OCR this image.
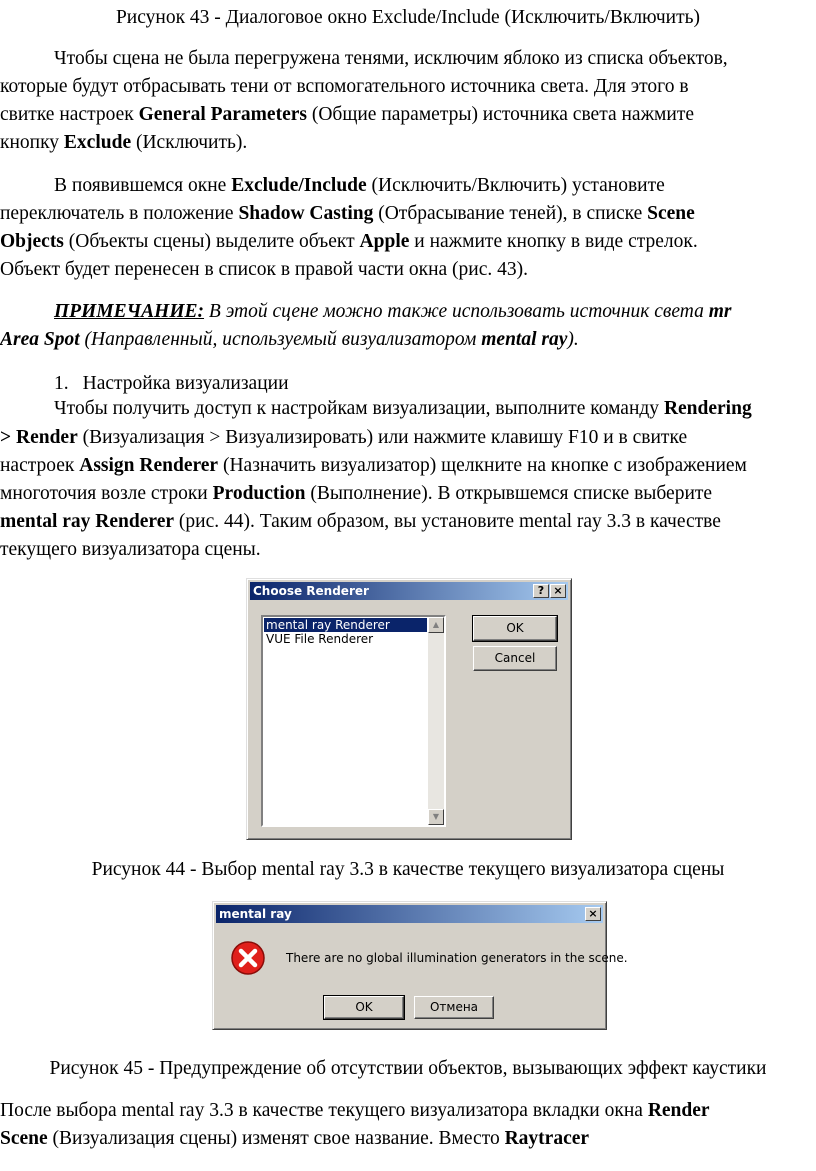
Рисунок 43 - Диалоговое окно Exclude/Include (Исключить/Включить)
Чтобы сцена не была перегружена тенями, исключим яблоко из списка объектов,
которые будут отбрасывать тени от вспомогательного источника света. Для этого в
свитке настроек General Parameters (Общие параметры) источника света нажмите
кнопку Exclude (Исключить).
В появившемся окне Exclude/Include (Исключить/Включить) установите
переключатель в положение Shadow Casting (Отбрасывание теней), в списке Scene
Objects (Объекты сцены) выделите объект Apple и нажмите кнопку в виде стрелок.
Объект будет перенесен в список в правой части окна (рис. 43).
ПРИМЕЧАНИЕ: В этой сцене можно также использовать источник света mr
Area Spot (Направленный, используемый визуализатором mental ray).
1. Настройка визуализации
Чтобы получить доступ к настройкам визуализации, выполните команду Rendering
> Render (Визуализация > Визуализировать) или нажмите клавишу F10 и в свитке
настроек Assign Renderer (Назначить визуализатор) щелкните на кнопке с изображением
многоточия возле строки Production (Выполнение). В открывшемся списке выберите
mental ray Renderer (рис. 44). Таким образом, вы установите mental ray 3.3 в качестве
текущего визуализатора сцены.
Choose Renderer	? ×
mental ray Renderer
VUE File Renderer
▲
▼
OK
Cancel
Рисунок 44 - Выбор mental ray 3.3 в качестве текущего визуализатора сцены
mental ray	×
There are no global illumination generators in the scene.
OK	Отмена
Рисунок 45 - Предупреждение об отсутствии объектов, вызывающих эффект каустики
После выбора mental ray 3.3 в качестве текущего визуализатора вкладки окна Render
Scene (Визуализация сцены) изменят свое название. Вместо Raytracer
